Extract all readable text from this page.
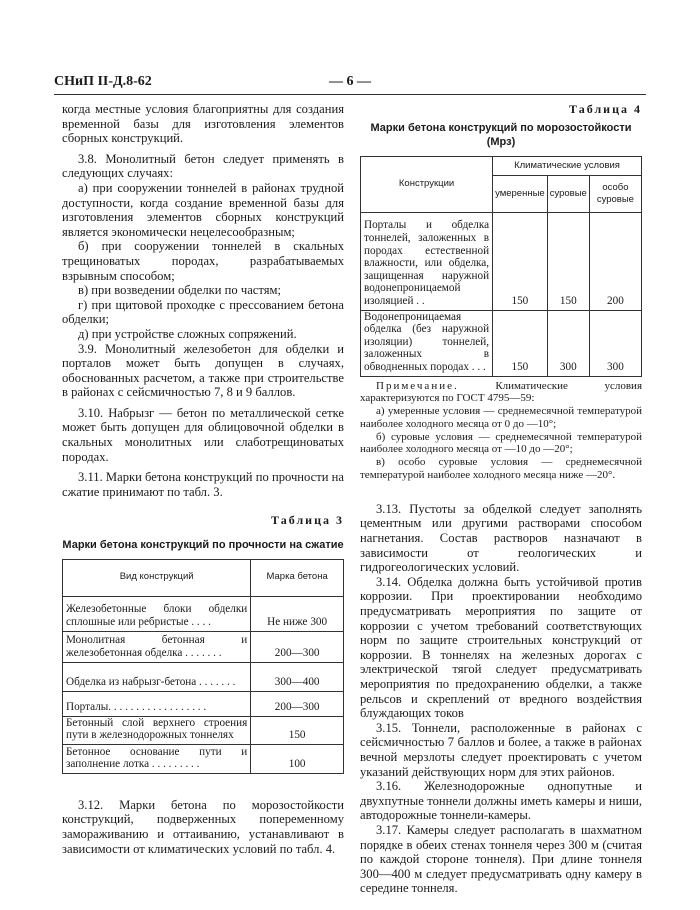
СНиП II-Д.8-62	— 6 —

когда местные условия благоприятны для создания временной базы для изготовления элементов сборных конструкций.

3.8. Монолитный бетон следует применять в следующих случаях:

а) при сооружении тоннелей в районах трудной доступности, когда создание временной базы для изготовления элементов сборных конструкций является экономически нецелесообразным;

б) при сооружении тоннелей в скальных трещиноватых породах, разрабатываемых взрывным способом;

в) при возведении обделки по частям;

г) при щитовой проходке с прессованием бетона обделки;

д) при устройстве сложных сопряжений.

3.9. Монолитный железобетон для обделки и порталов может быть допущен в случаях, обоснованных расчетом, а также при строительстве в районах с сейсмичностью 7, 8 и 9 баллов.

3.10. Набрызг — бетон по металлической сетке может быть допущен для облицовочной обделки в скальных монолитных или слаботрещиноватых породах.

3.11. Марки бетона конструкций по прочности на сжатие принимают по табл. 3.

Таблица 3
Марки бетона конструкций по прочности на сжатие
Вид конструкций	Марка бетона
Железобетонные блоки обделки сплошные или ребристые . . . .	Не ниже 300
Монолитная бетонная и железобетонная обделка . . . . . . .	200—300
Обделка из набрызг-бетона . . . . . . .	300—400
Порталы. . . . . . . . . . . . . . . . . .	200—300
Бетонный слой верхнего строения пути в железнодорожных тоннелях	150
Бетонное основание пути и заполнение лотка . . . . . . . . .	100

3.12. Марки бетона по морозостойкости конструкций, подверженных попеременному замораживанию и оттаиванию, устанавливают в зависимости от климатических условий по табл. 4.

Таблица 4
Марки бетона конструкций по морозостойкости (Мрз)
Конструкции	Климатические условия		
	умеренные	суровые	особо суровые
Порталы и обделка тоннелей, заложенных в породах естественной влажности, или обделка, защищенная наружной водонепроницаемой изоляцией . .	150	150	200
Водонепроницаемая обделка (без наружной изоляции) тоннелей, заложенных в обводненных породах . . .	150	300	300

Примечание.	Климатические условия характеризуются по ГОСТ 4795—59:

а) умеренные условия — среднемесячной температурой наиболее холодного месяца от 0 до —10°;

б) суровые условия — среднемесячной температурой наиболее холодного месяца от —10 до —20°;

в) особо суровые условия — среднемесячной температурой наиболее холодного месяца ниже —20°.

3.13. Пустоты за обделкой следует заполнять цементным или другими растворами способом нагнетания. Состав растворов назначают в зависимости от геологических и гидрогеологических условий.

3.14. Обделка должна быть устойчивой против коррозии. При проектировании необходимо предусматривать мероприятия по защите от коррозии с учетом требований соответствующих норм по защите строительных конструкций от коррозии. В тоннелях на железных дорогах с электрической тягой следует предусматривать мероприятия по предохранению обделки, а также рельсов и скреплений от вредного воздействия блуждающих токов

3.15. Тоннели, расположенные в районах с сейсмичностью 7 баллов и более, а также в районах вечной мерзлоты следует проектировать с учетом указаний действующих норм для этих районов.

3.16. Железнодорожные однопутные и двухпутные тоннели должны иметь камеры и ниши, автодорожные тоннели-камеры.

3.17. Камеры следует располагать в шахматном порядке в обеих стенах тоннеля через 300 м (считая по каждой стороне тоннеля). При длине тоннеля 300—400 м следует предусматривать одну камеру в середине тоннеля.
